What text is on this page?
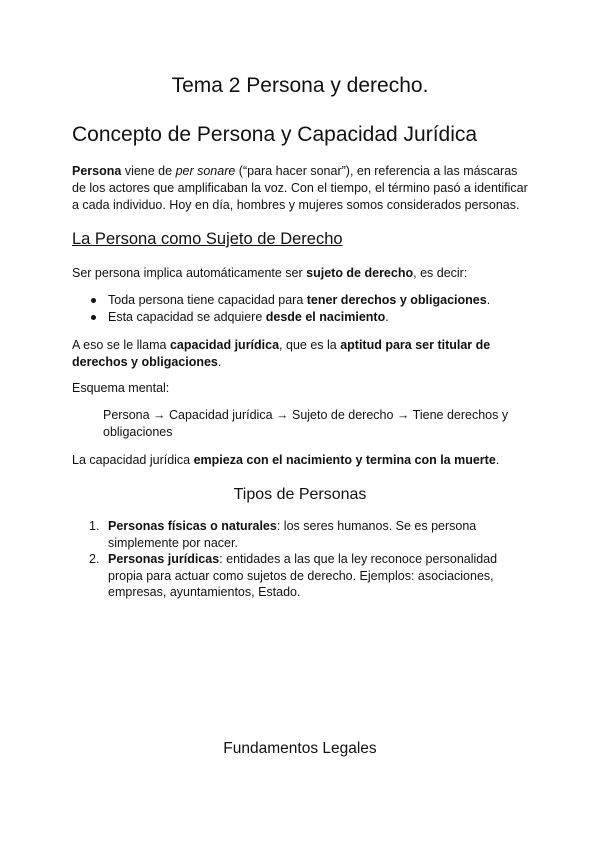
Tema 2 Persona y derecho.
Concepto de Persona y Capacidad Jurídica

Persona viene de per sonare (“para hacer sonar”), en referencia a las máscaras de los actores que amplificaban la voz. Con el tiempo, el término pasó a identificar a cada individuo. Hoy en día, hombres y mujeres somos considerados personas.

La Persona como Sujeto de Derecho

Ser persona implica automáticamente ser sujeto de derecho, es decir:

Toda persona tiene capacidad para tener derechos y obligaciones.
Esta capacidad se adquiere desde el nacimiento.

A eso se le llama capacidad jurídica, que es la aptitud para ser titular de derechos y obligaciones.

Esquema mental:

Persona → Capacidad jurídica → Sujeto de derecho → Tiene derechos y obligaciones

La capacidad jurídica empieza con el nacimiento y termina con la muerte.

Tipos de Personas
1. Personas físicas o naturales: los seres humanos. Se es persona simplemente por nacer.
2. Personas jurídicas: entidades a las que la ley reconoce personalidad propia para actuar como sujetos de derecho. Ejemplos: asociaciones, empresas, ayuntamientos, Estado.
Fundamentos Legales
